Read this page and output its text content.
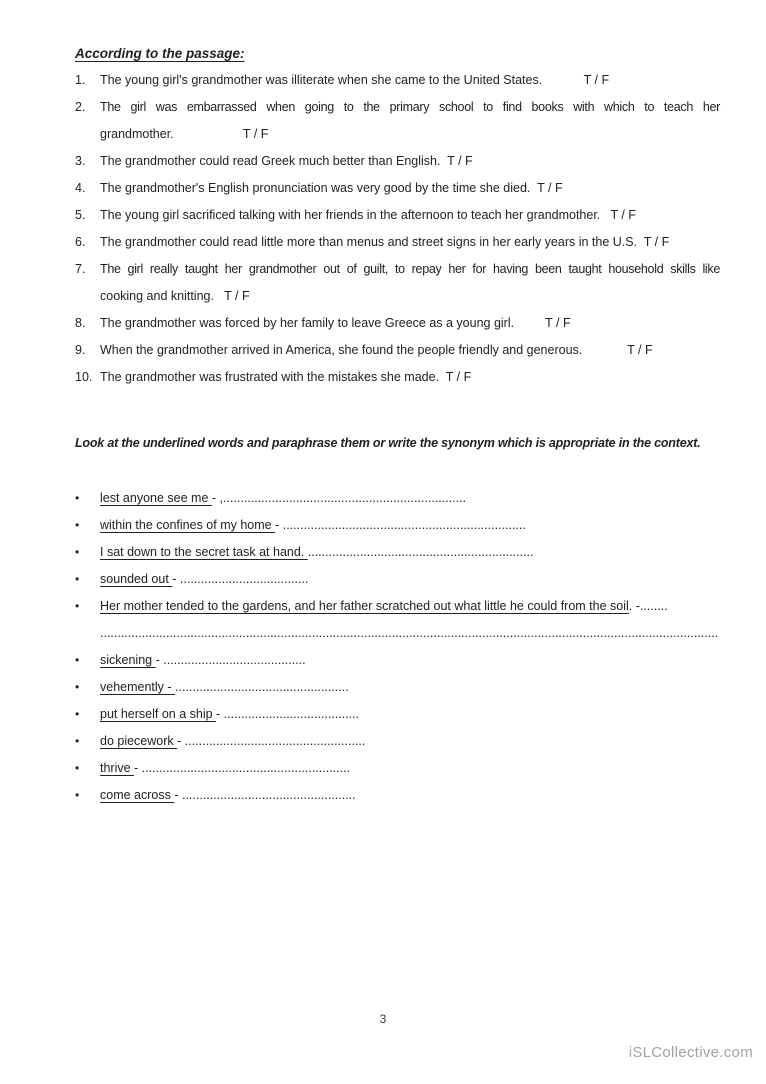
According to the passage:
1.	The young girl's grandmother was illiterate when she came to the United States.            T / F
2.	The girl was embarrassed when going to the primary school to find books with which to teach her
grandmother.                    T / F
3.	The grandmother could read Greek much better than English.  T / F
4.	The grandmother's English pronunciation was very good by the time she died.  T / F
5.	The young girl sacrificed talking with her friends in the afternoon to teach her grandmother.   T / F
6.	The grandmother could read little more than menus and street signs in her early years in the U.S.  T / F
7.	The girl really taught her grandmother out of guilt, to repay her for having been taught household skills like
cooking and knitting.   T / F
8.	The grandmother was forced by her family to leave Greece as a young girl.         T / F
9.	When the grandmother arrived in America, she found the people friendly and generous.             T / F
10. The grandmother was frustrated with the mistakes she made.  T / F
Look at the underlined words and paraphrase them or write the synonym which is appropriate in the context.
•	lest anyone see me - ,......................................................................
•	within the confines of my home - ......................................................................
•	I sat down to the secret task at hand. .................................................................
•	sounded out - .....................................
•	Her mother tended to the gardens, and her father scratched out what little he could from the soil. -........
..................................................................................................................................................................................
•	sickening - .........................................
•	vehemently - ..................................................
•	put herself on a ship - .......................................
•	do piecework - ....................................................
•	thrive - ............................................................
•	come across - ..................................................
3
iSLCollective.com
